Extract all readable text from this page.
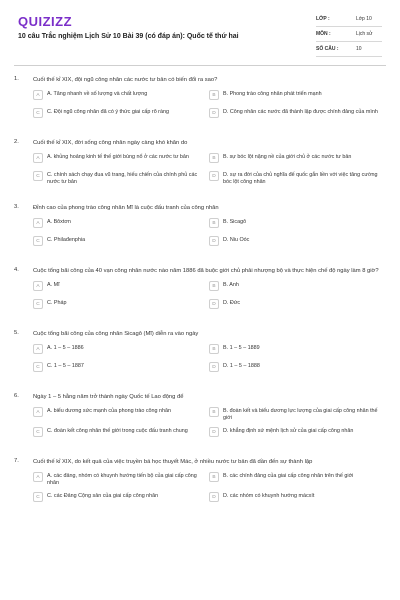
QUIZIZZ
10 câu Trắc nghiệm Lịch Sử 10 Bài 39 (có đáp án): Quốc tế thứ hai
LỚP :	Lớp 10
MÔN :	Lịch sử
SỐ CÂU :	10
1. Cuối thế kỉ XIX, đội ngũ công nhân các nước tư bản có biến đổi ra sao?
A	A. Tăng nhanh về số lượng và chất lượng	B	B. Phong trào công nhân phát triển mạnh
C	C. Đội ngũ công nhân đã có ý thức giai cấp rõ ràng	D	D. Công nhân các nước đã thành lập được chính đảng của mình
2. Cuối thế kỉ XIX, đời sống công nhân ngày càng khó khăn do
A	A. khủng hoảng kinh tế thế giới bùng nổ ở các nước tư bản	B	B. sự bóc lột nặng nề của giới chủ ở các nước tư bản
C	C. chính sách chạy đua vũ trang, hiếu chiến của chính phủ các nước tư bản
D	D. sự ra đời của chủ nghĩa đế quốc gắn liền với việc tăng cường bóc lột công nhân
3. Đỉnh cao của phong trào công nhân Mĩ là cuộc đấu tranh của công nhân
A	A. Bôxtơn	B	B. Sicagô
C	C. Philađenphia	D	D. Niu Oóc
4. Cuộc tổng bãi công của 40 vạn công nhân nước nào năm 1886 đã buộc giới chủ phải nhượng bộ và thực hiện chế độ ngày làm 8 giờ?
A	A. Mĩ	B	B. Anh
C	C. Pháp	D	D. Đức
5. Cuộc tổng bãi công của công nhân Sicagô (Mĩ) diễn ra vào ngày
A	A. 1 – 5 – 1886	B	B. 1 – 5 – 1889
C	C. 1 – 5 – 1887	D	D. 1 – 5 – 1888
6. Ngày 1 – 5 hằng năm trở thành ngày Quốc tế Lao động để
A	A. biểu dương sức mạnh của phong trào công nhân	B	B. đoàn kết và biểu dương lực lượng của giai cấp công nhân thế giới
C	C. đoàn kết công nhân thế giới trong cuộc đấu tranh chung	D	D. khẳng định sứ mệnh lịch sử của giai cấp công nhân
7. Cuối thế kỉ XIX, do kết quả của việc truyền bá học thuyết Mác, ở nhiều nước tư bản đã dần đến sự thành lập
A	A. các đảng, nhóm có khuynh hướng tiến bộ của giai cấp công nhân
B	B. các chính đảng của giai cấp công nhân trên thế giới
C	C. các Đảng Cộng sản của giai cấp công nhân	D	D. các nhóm có khuynh hướng mácxít
